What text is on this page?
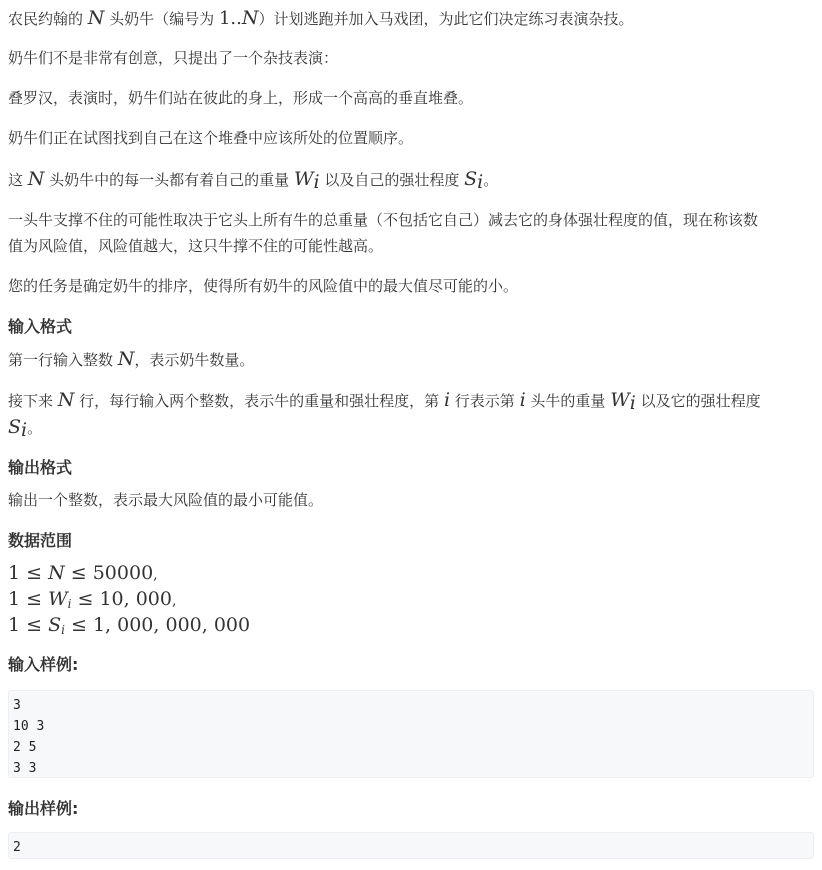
农民约翰的 N 头奶牛（编号为 1..N）计划逃跑并加入马戏团，为此它们决定练习表演杂技。

奶牛们不是非常有创意，只提出了一个杂技表演：

叠罗汉，表演时，奶牛们站在彼此的身上，形成一个高高的垂直堆叠。

奶牛们正在试图找到自己在这个堆叠中应该所处的位置顺序。

这 N 头奶牛中的每一头都有着自己的重量 $W_i$ 以及自己的强壮程度 $S_i$。

一头牛支撑不住的可能性取决于它头上所有牛的总重量（不包括它自己）减去它的身体强壮程度的值，现在称该数

值为风险值，风险值越大，这只牛撑不住的可能性越高。

您的任务是确定奶牛的排序，使得所有奶牛的风险值中的最大值尽可能的小。

输入格式

第一行输入整数 N，表示奶牛数量。

接下来 N 行，每行输入两个整数，表示牛的重量和强壮程度，第 i 行表示第 i 头牛的重量 $W_i$ 以及它的强壮程度

$S_i$。

输出格式

输出一个整数，表示最大风险值的最小可能值。

数据范围
1 ≤ N ≤ 50000,
$1 \le W_i \le 10$, 000,
$1 \le S_i \le 1$, 000, 000, 000
输入样例:
3
10 3
2 5
3 3
输出样例:
2
